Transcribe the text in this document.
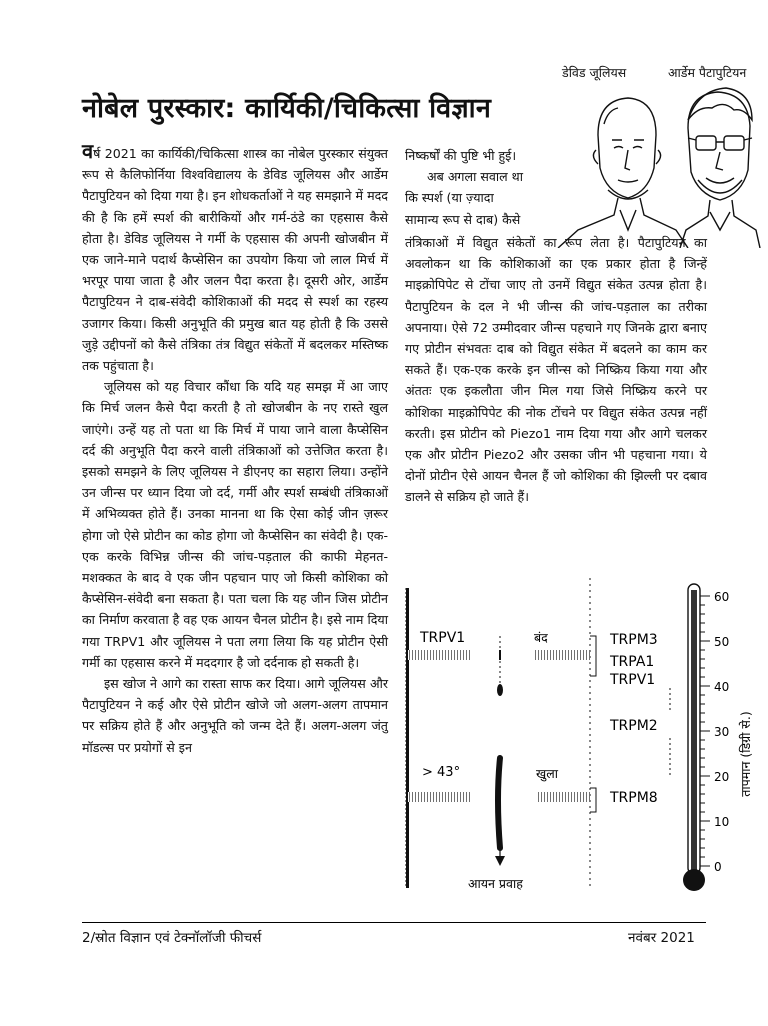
डेविड जूलियस	आर्डेम पैटापुटियन
नोबेल पुरस्कार: कार्यिकी/चिकित्सा विज्ञान

वर्ष 2021 का कार्यिकी/चिकित्सा शास्त्र का नोबेल पुरस्कार संयुक्त रूप से कैलिफोर्निया विश्वविद्यालय के डेविड जूलियस और आर्डेम पैटापुटियन को दिया गया है। इन शोधकर्ताओं ने यह समझाने में मदद की है कि हमें स्पर्श की बारीकियों और गर्म-ठंडे का एहसास कैसे होता है। डेविड जूलियस ने गर्मी के एहसास की अपनी खोजबीन में एक जाने-माने पदार्थ कैप्सेसिन का उपयोग किया जो लाल मिर्च में भरपूर पाया जाता है और जलन पैदा करता है। दूसरी ओर, आर्डेम पैटापुटियन ने दाब-संवेदी कोशिकाओं की मदद से स्पर्श का रहस्य उजागर किया। किसी अनुभूति की प्रमुख बात यह होती है कि उससे जुड़े उद्दीपनों को कैसे तंत्रिका तंत्र विद्युत संकेतों में बदलकर मस्तिष्क तक पहुंचाता है।

जूलियस को यह विचार कौंधा कि यदि यह समझ में आ जाए कि मिर्च जलन कैसे पैदा करती है तो खोजबीन के नए रास्ते खुल जाएंगे। उन्हें यह तो पता था कि मिर्च में पाया जाने वाला कैप्सेसिन दर्द की अनुभूति पैदा करने वाली तंत्रिकाओं को उत्तेजित करता है। इसको समझने के लिए जूलियस ने डीएनए का सहारा लिया। उन्होंने उन जीन्स पर ध्यान दिया जो दर्द, गर्मी और स्पर्श सम्बंधी तंत्रिकाओं में अभिव्यक्त होते हैं। उनका मानना था कि ऐसा कोई जीन ज़रूर होगा जो ऐसे प्रोटीन का कोड होगा जो कैप्सेसिन का संवेदी है। एक-एक करके विभिन्न जीन्स की जांच-पड़ताल की काफी मेहनत-मशक्कत के बाद वे एक जीन पहचान पाए जो किसी कोशिका को कैप्सेसिन-संवेदी बना सकता है। पता चला कि यह जीन जिस प्रोटीन का निर्माण करवाता है वह एक आयन चैनल प्रोटीन है। इसे नाम दिया गया TRPV1 और जूलियस ने पता लगा लिया कि यह प्रोटीन ऐसी गर्मी का एहसास करने में मददगार है जो दर्दनाक हो सकती है।

इस खोज ने आगे का रास्ता साफ कर दिया। आगे जूलियस और पैटापुटियन ने कई और ऐसे प्रोटीन खोजे जो अलग-अलग तापमान पर सक्रिय होते हैं और अनुभूति को जन्म देते हैं। अलग-अलग जंतु मॉडल्स पर प्रयोगों से इन

निष्कर्षों की पुष्टि भी हुई।
अब अगला सवाल था
कि स्पर्श (या ज़्यादा
सामान्य रूप से दाब) कैसे

तंत्रिकाओं में विद्युत संकेतों का रूप लेता है। पैटापुटियन का अवलोकन था कि कोशिकाओं का एक प्रकार होता है जिन्हें माइक्रोपिपेट से टोंचा जाए तो उनमें विद्युत संकेत उत्पन्न होता है। पैटापुटियन के दल ने भी जीन्स की जांच-पड़ताल का तरीका अपनाया। ऐसे 72 उम्मीदवार जीन्स पहचाने गए जिनके द्वारा बनाए गए प्रोटीन संभवतः दाब को विद्युत संकेत में बदलने का काम कर सकते हैं। एक-एक करके इन जीन्स को निष्क्रिय किया गया और अंततः एक इकलौता जीन मिल गया जिसे निष्क्रिय करने पर कोशिका माइक्रोपिपेट की नोक टोंचने पर विद्युत संकेत उत्पन्न नहीं करती। इस प्रोटीन को Piezo1 नाम दिया गया और आगे चलकर एक और प्रोटीन Piezo2 और उसका जीन भी पहचाना गया। ये दोनों प्रोटीन ऐसे आयन चैनल हैं जो कोशिका की झिल्ली पर दबाव डालने से सक्रिय हो जाते हैं।

TRPV1	बंद
> 43°	खुला
आयन प्रवाह
TRPM3
TRPA1
TRPV1
TRPM2
TRPM8
60
50
40
30
20
10
0
तापमान (डिग्री से.)
2/स्रोत विज्ञान एवं टेक्नॉलॉजी फीचर्स	नवंबर 2021
